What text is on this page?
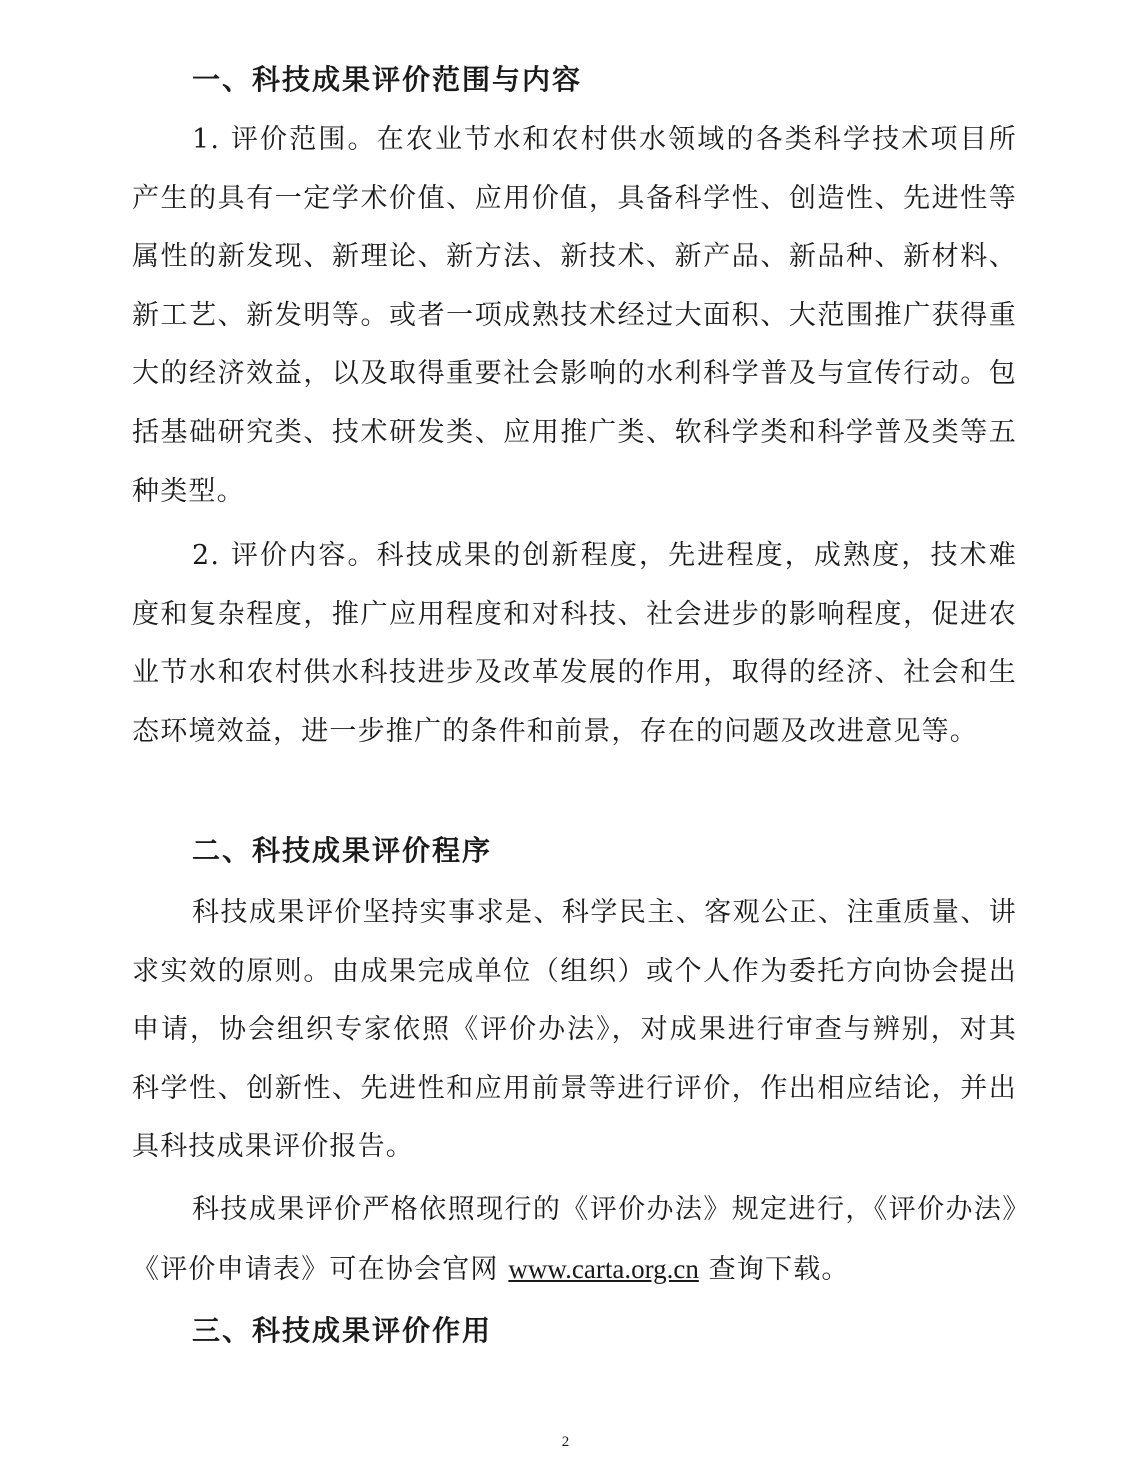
一、科技成果评价范围与内容
1. 评价范围。在农业节水和农村供水领域的各类科学技术项目所产生的具有一定学术价值、应用价值，具备科学性、创造性、先进性等属性的新发现、新理论、新方法、新技术、新产品、新品种、新材料、新工艺、新发明等。或者一项成熟技术经过大面积、大范围推广获得重大的经济效益，以及取得重要社会影响的水利科学普及与宣传行动。包括基础研究类、技术研发类、应用推广类、软科学类和科学普及类等五种类型。
2. 评价内容。科技成果的创新程度，先进程度，成熟度，技术难度和复杂程度，推广应用程度和对科技、社会进步的影响程度，促进农业节水和农村供水科技进步及改革发展的作用，取得的经济、社会和生态环境效益，进一步推广的条件和前景，存在的问题及改进意见等。
二、科技成果评价程序
科技成果评价坚持实事求是、科学民主、客观公正、注重质量、讲求实效的原则。由成果完成单位（组织）或个人作为委托方向协会提出申请，协会组织专家依照《评价办法》，对成果进行审查与辨别，对其科学性、创新性、先进性和应用前景等进行评价，作出相应结论，并出具科技成果评价报告。
科技成果评价严格依照现行的《评价办法》规定进行，《评价办法》《评价申请表》可在协会官网 www.carta.org.cn 查询下载。
三、科技成果评价作用
2
